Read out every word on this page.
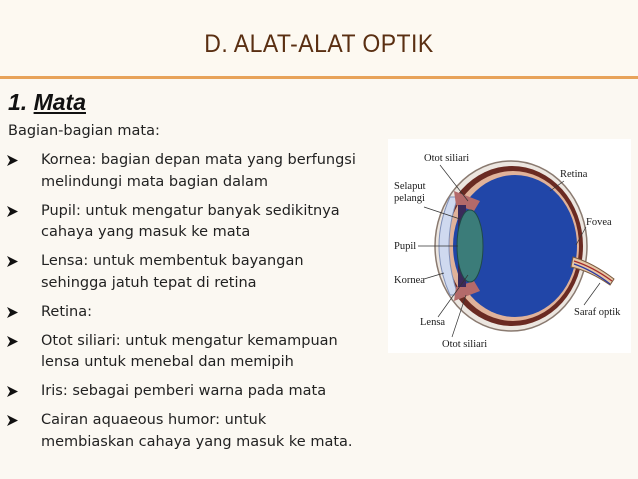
D. ALAT-ALAT OPTIK
1. Mata
Bagian-bagian mata:
Kornea: bagian depan mata yang berfungsi
melindungi mata bagian dalam
Pupil: untuk mengatur banyak sedikitnya
cahaya yang masuk ke mata
Lensa: untuk membentuk bayangan
sehingga jatuh tepat di retina
Retina:
Otot siliari: untuk mengatur kemampuan
lensa untuk menebal dan memipih
Iris: sebagai pemberi warna pada mata
Cairan aquaeous humor: untuk
membiaskan cahaya yang masuk ke mata.
Otot siliari
Selaput
pelangi
Retina
Fovea
Pupil
Kornea
Saraf optik
Lensa
Otot siliari
